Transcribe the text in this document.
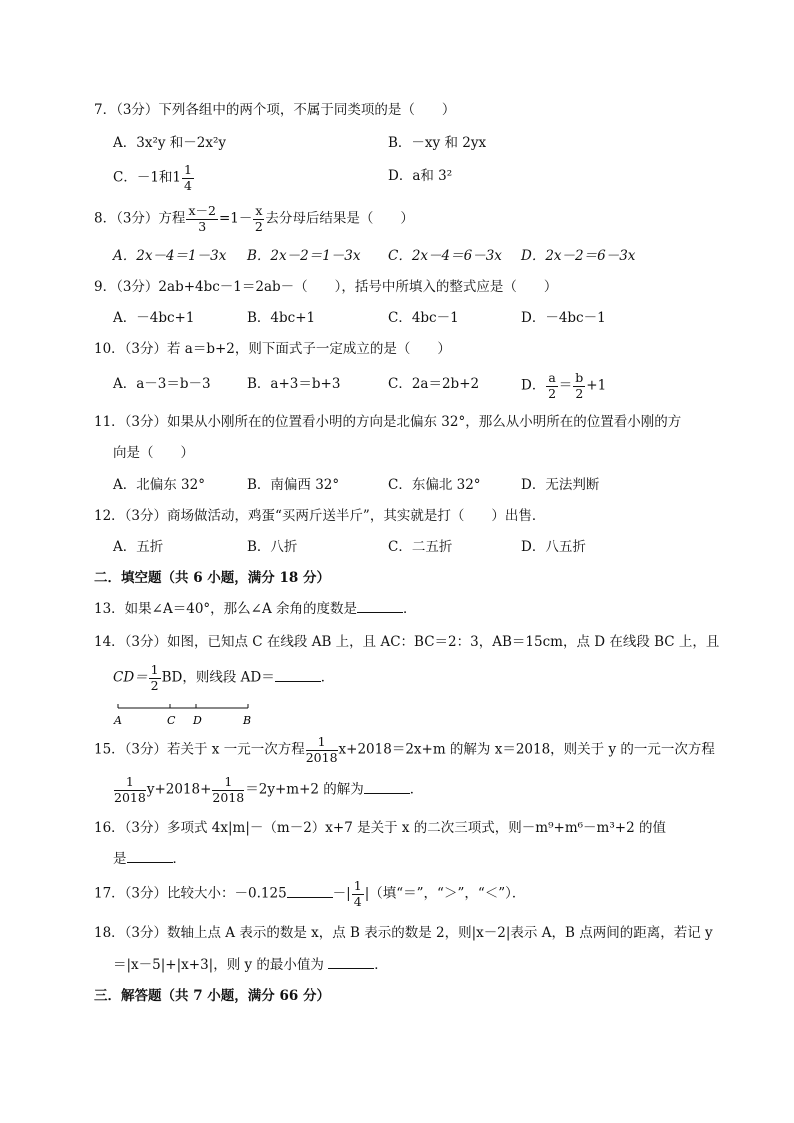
7．（3分）下列各组中的两个项，不属于同类项的是（　　）
A．3x²y 和－2x²y	B．－xy 和 2yx
C．－1和$1 \frac{1}{4}$	D．a和 3²
8．（3分）方程 $\frac{x-2}{3} =1- \frac{x}{2}$ 去分母后结果是（　　）
A．2x－4＝1－3x B．2x－2＝1－3x C．2x－4＝6－3x D．2x－2＝6－3x
9．（3分）2ab+4bc－1＝2ab－（　　），括号中所填入的整式应是（　　）
A．－4bc+1	B．4bc+1	C．4bc－1	D．－4bc－1
10．（3分）若 a＝b+2，则下面式子一定成立的是（　　）
A．a－3＝b－3	B．a+3＝b+3	C．2a＝2b+2	D． $\frac{a}{2} = \frac{b}{2} +1$
11．（3分）如果从小刚所在的位置看小明的方向是北偏东 32°，那么从小明所在的位置看小刚的方
向是（　　）
A．北偏东 32°	B．南偏西 32°	C．东偏北 32°	D．无法判断
12．（3分）商场做活动，鸡蛋“买两斤送半斤”，其实就是打（　　）出售．
A．五折	B．八折	C．二五折	D．八五折
二．填空题（共 6 小题，满分 18 分）
13．如果∠A＝40°，那么∠A 余角的度数是	．
14．（3分）如图，已知点 C 在线段 AB 上，且 AC：BC＝2：3，AB＝15cm，点 D 在线段 BC 上，且
$CD= \frac{1}{2}$ BD，则线段 AD＝	．
A	C D	B
15．（3分）若关于 x 一元一次方程 $\frac{1}{2018} x+2018=2x+m$ 的解为 x＝2018，则关于 y 的一元一次方程
$\frac{1}{2018} y+2018+ \frac{1}{2018} =2y+m+2$ 的解为	．
16．（3分）多项式 4x|m|－（m－2）x+7 是关于 x 的二次三项式，则－m⁹+m⁶－m³+2 的值
是	．
17．（3分）比较大小：－0.125	－| $\frac{1}{4}$ |（填“＝”，“＞”，“＜”）．
18．（3分）数轴上点 A 表示的数是 x，点 B 表示的数是 2，则|x－2|表示 A，B 点两间的距离，若记 y
＝|x－5|+|x+3|，则 y 的最小值为	．
三．解答题（共 7 小题，满分 66 分）
